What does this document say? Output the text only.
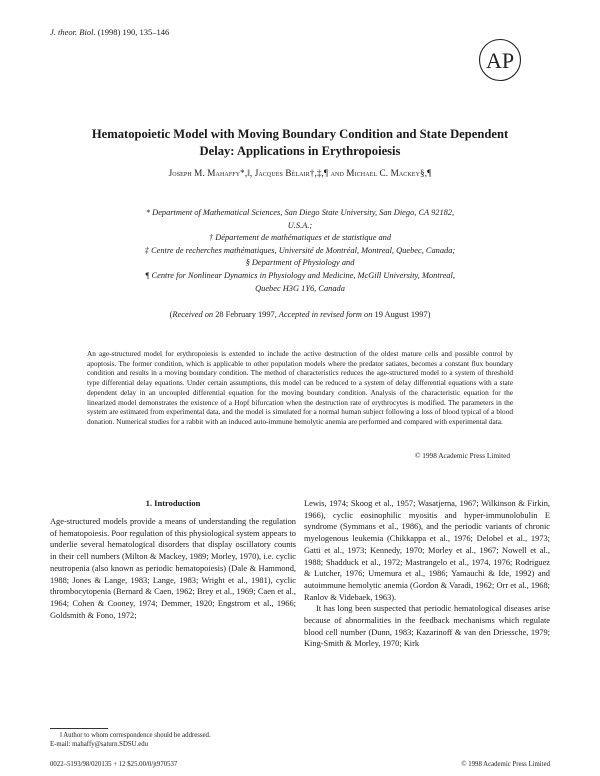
J. theor. Biol. (1998) 190, 135–146
AP
Hematopoietic Model with Moving Boundary Condition and State Dependent
Delay: Applications in Erythropoiesis
Joseph M. Mahaffy*,‖, Jacques Bélair†,‡,¶ and Michael C. Mackey§,¶
* Department of Mathematical Sciences, San Diego State University, San Diego, CA 92182,
U.S.A.;
† Département de mathématiques et de statistique and
‡ Centre de recherches mathématiques, Université de Montréal, Montreal, Quebec, Canada;
§ Department of Physiology and
¶ Centre for Nonlinear Dynamics in Physiology and Medicine, McGill University, Montreal,
Quebec H3G 1Y6, Canada
(Received on 28 February 1997, Accepted in revised form on 19 August 1997)
An age-structured model for erythropoiesis is extended to include the active destruction of the oldest mature cells and possible control by apoptosis. The former condition, which is applicable to other population models where the predator satiates, becomes a constant flux boundary condition and results in a moving boundary condition. The method of characteristics reduces the age-structured model to a system of threshold type differential delay equations. Under certain assumptions, this model can be reduced to a system of delay differential equations with a state dependent delay in an uncoupled differential equation for the moving boundary condition. Analysis of the characteristic equation for the linearized model demonstrates the existence of a Hopf bifurcation when the destruction rate of erythrocytes is modified. The parameters in the system are estimated from experimental data, and the model is simulated for a normal human subject following a loss of blood typical of a blood donation. Numerical studies for a rabbit with an induced auto-immune hemolytic anemia are performed and compared with experimental data.
© 1998 Academic Press Limited
1. Introduction
Age-structured models provide a means of understanding the regulation of hematopoiesis. Poor regulation of this physiological system appears to underlie several hematological disorders that display oscillatory counts in their cell numbers (Milton & Mackey, 1989; Morley, 1970), i.e. cyclic neutropenia (also known as periodic hematopoiesis) (Dale & Hammond, 1988; Jones & Lange, 1983; Lange, 1983; Wright et al., 1981), cyclic thrombocytopenia (Bernard & Caen, 1962; Brey et al., 1969; Caen et al., 1964; Cohen & Cooney, 1974; Demmer, 1920; Engstrom et al., 1966; Goldsmith & Fono, 1972;
Lewis, 1974; Skoog et al., 1957; Wasatjerna, 1967; Wilkinson & Firkin, 1966), cyclic eosinophilic myositis and hyper-immunolobulin E syndrome (Symmans et al., 1986), and the periodic variants of chronic myelogenous leukemia (Chikkappa et al., 1976; Delobel et al., 1973; Gatti et al., 1973; Kennedy, 1970; Morley et al., 1967; Nowell et al., 1988; Shadduck et al., 1972; Mastrangelo et al., 1974, 1976; Rodriguez & Lutcher, 1976; Umemura et al., 1986; Yamauchi & Ide, 1992) and autoimmune hemolytic anemia (Gordon & Varadi, 1962; Orr et al., 1968; Ranlov & Videbaek, 1963).
It has long been suspected that periodic hematological diseases arise because of abnormalities in the feedback mechanisms which regulate blood cell number (Dunn, 1983; Kazarinoff & van den Driessche, 1979; King-Smith & Morley, 1970; Kirk
‖ Author to whom correspondence should be addressed.
E-mail: mahaffy@saturn.SDSU.edu
0022–5193/98/020135 + 12 $25.00/0/jt970537	© 1998 Academic Press Limited
